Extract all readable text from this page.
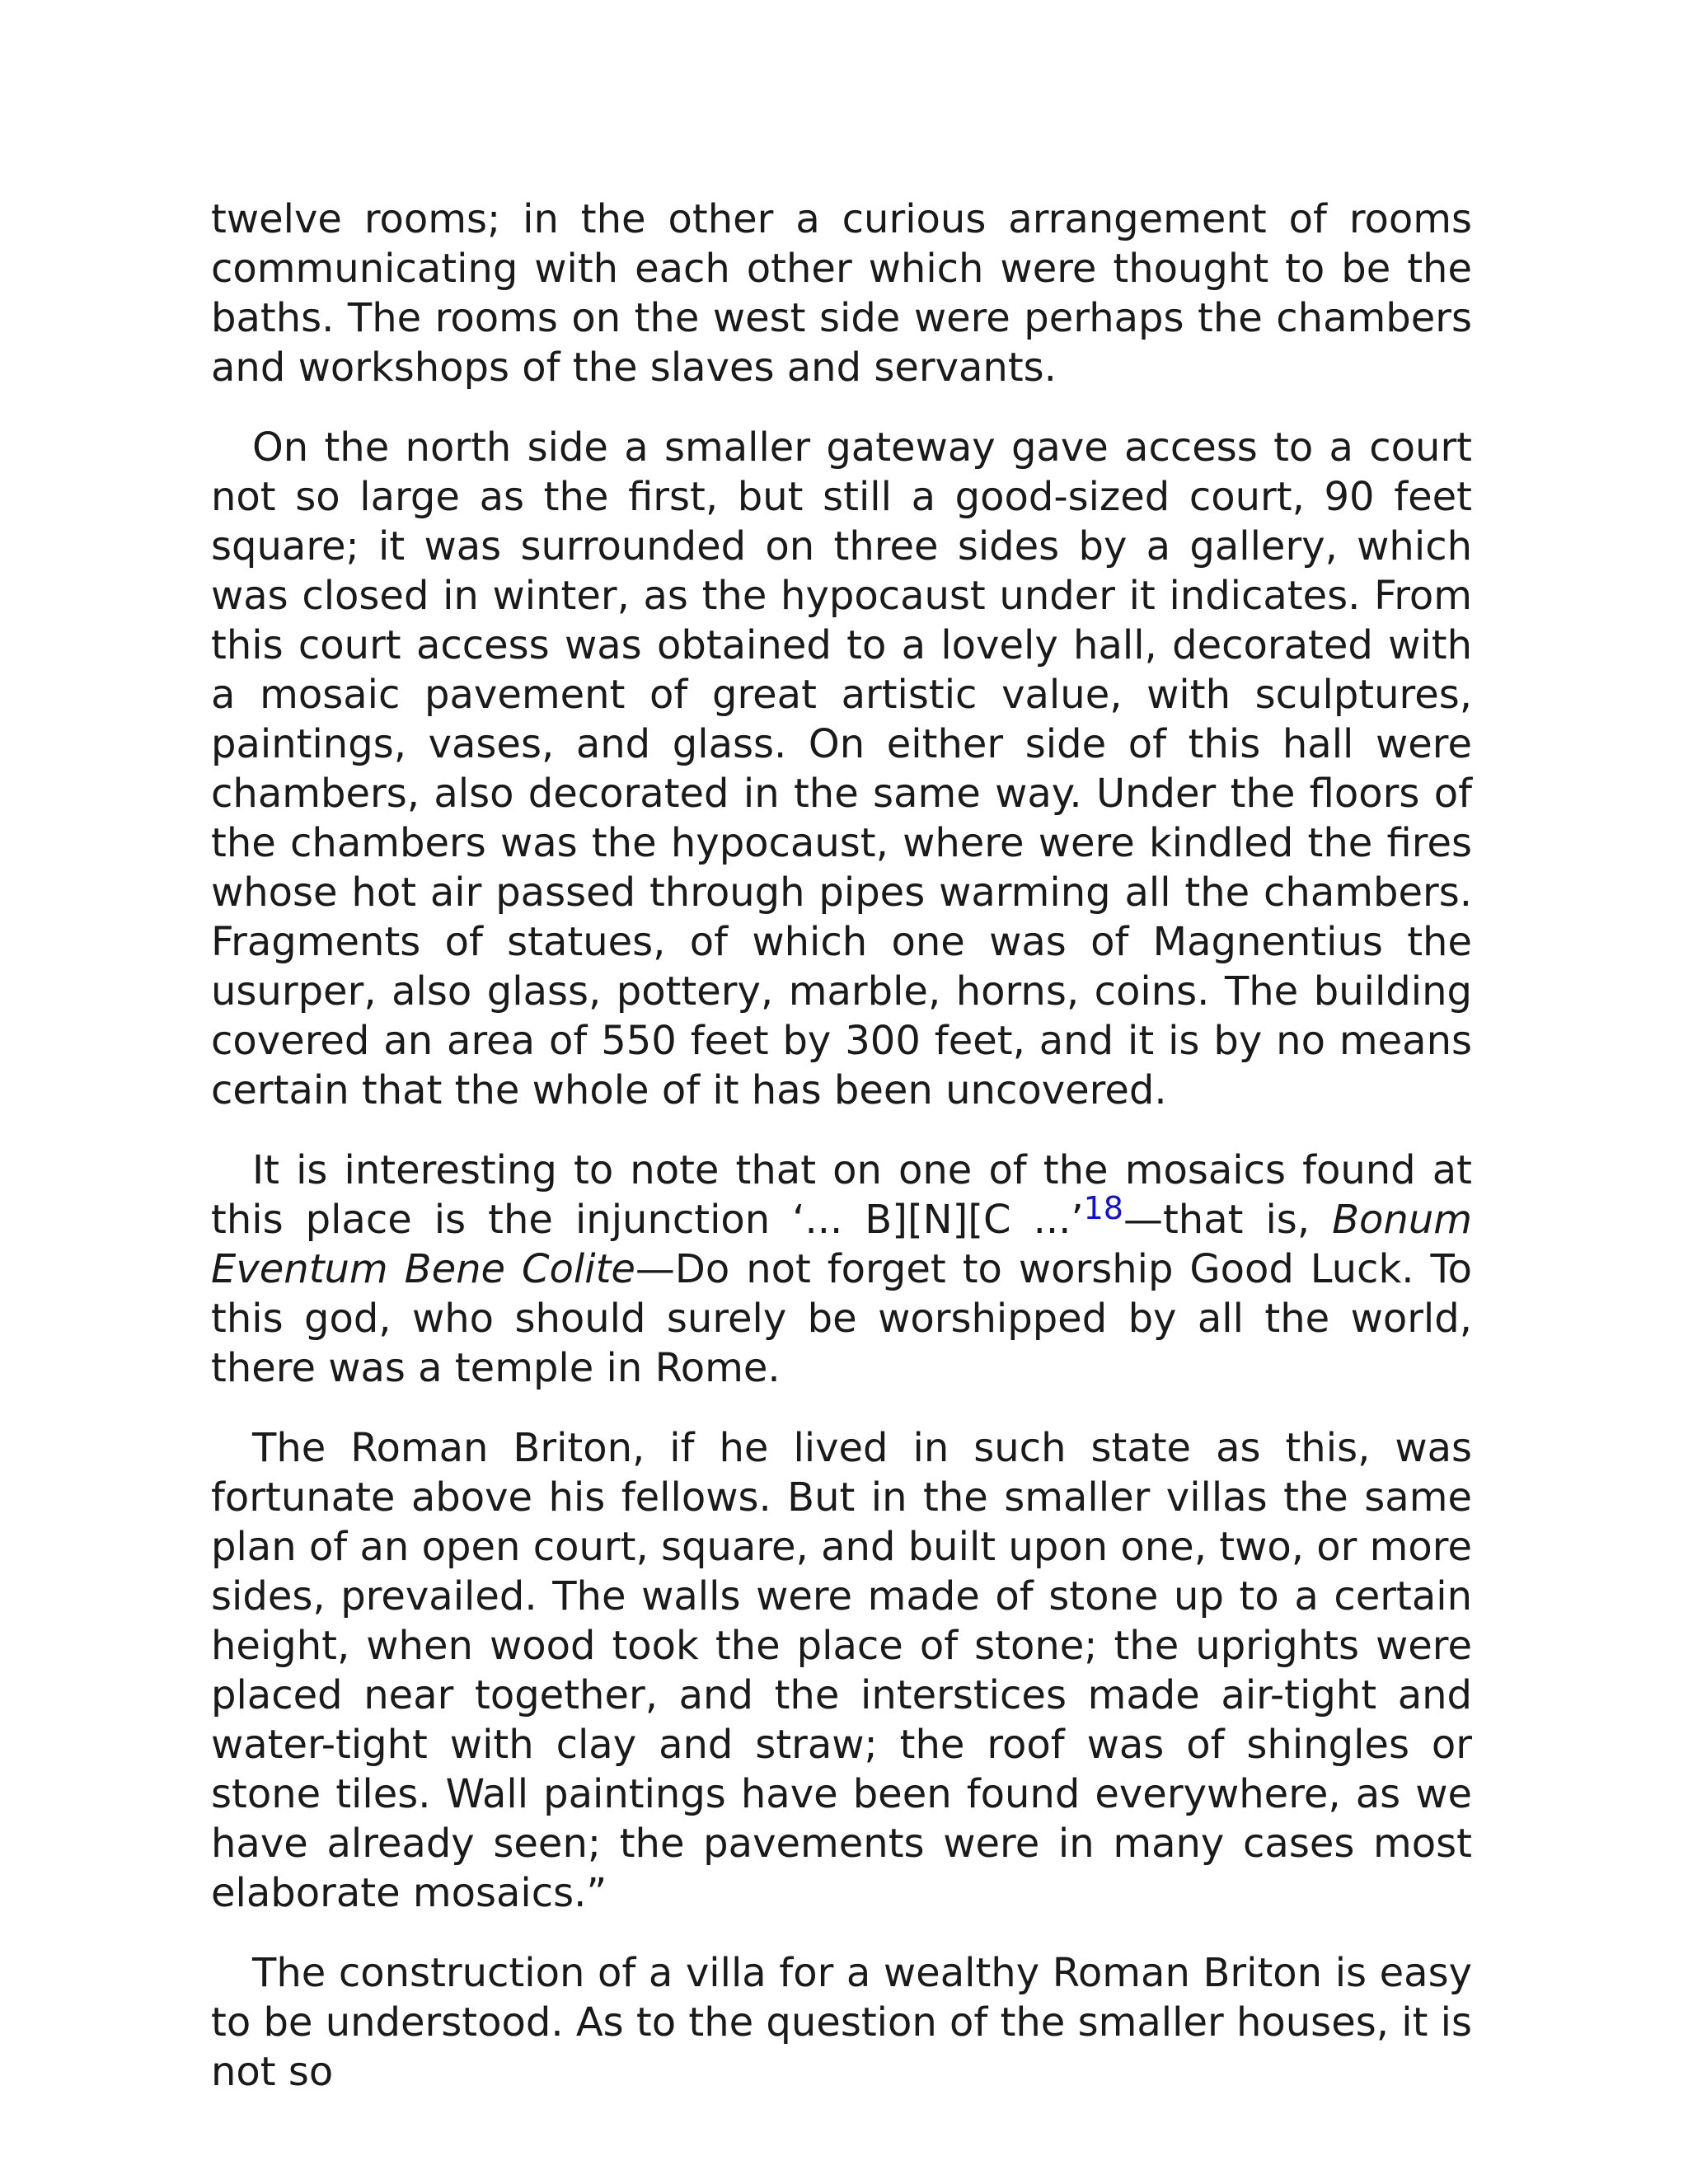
twelve rooms; in the other a curious arrangement of rooms communicating with each other which were thought to be the baths. The rooms on the west side were perhaps the chambers and workshops of the slaves and servants.

On the north side a smaller gateway gave access to a court not so large as the first, but still a good-sized court, 90 feet square; it was surrounded on three sides by a gallery, which was closed in winter, as the hypocaust under it indicates. From this court access was obtained to a lovely hall, decorated with a mosaic pavement of great artistic value, with sculptures, paintings, vases, and glass. On either side of this hall were chambers, also decorated in the same way. Under the floors of the chambers was the hypocaust, where were kindled the fires whose hot air passed through pipes warming all the chambers. Fragments of statues, of which one was of Magnentius the usurper, also glass, pottery, marble, horns, coins. The building covered an area of 550 feet by 300 feet, and it is by no means certain that the whole of it has been uncovered.

It is interesting to note that on one of the mosaics found at this place is the injunction ‘... B][N][C ...’$^{18}$—that is, Bonum Eventum Bene Colite—Do not forget to worship Good Luck. To this god, who should surely be worshipped by all the world, there was a temple in Rome.

The Roman Briton, if he lived in such state as this, was fortunate above his fellows. But in the smaller villas the same plan of an open court, square, and built upon one, two, or more sides, prevailed. The walls were made of stone up to a certain height, when wood took the place of stone; the uprights were placed near together, and the interstices made air-tight and water-tight with clay and straw; the roof was of shingles or stone tiles. Wall paintings have been found everywhere, as we have already seen; the pavements were in many cases most elaborate mosaics.”

The construction of a villa for a wealthy Roman Briton is easy to be understood. As to the question of the smaller houses, it is not so
